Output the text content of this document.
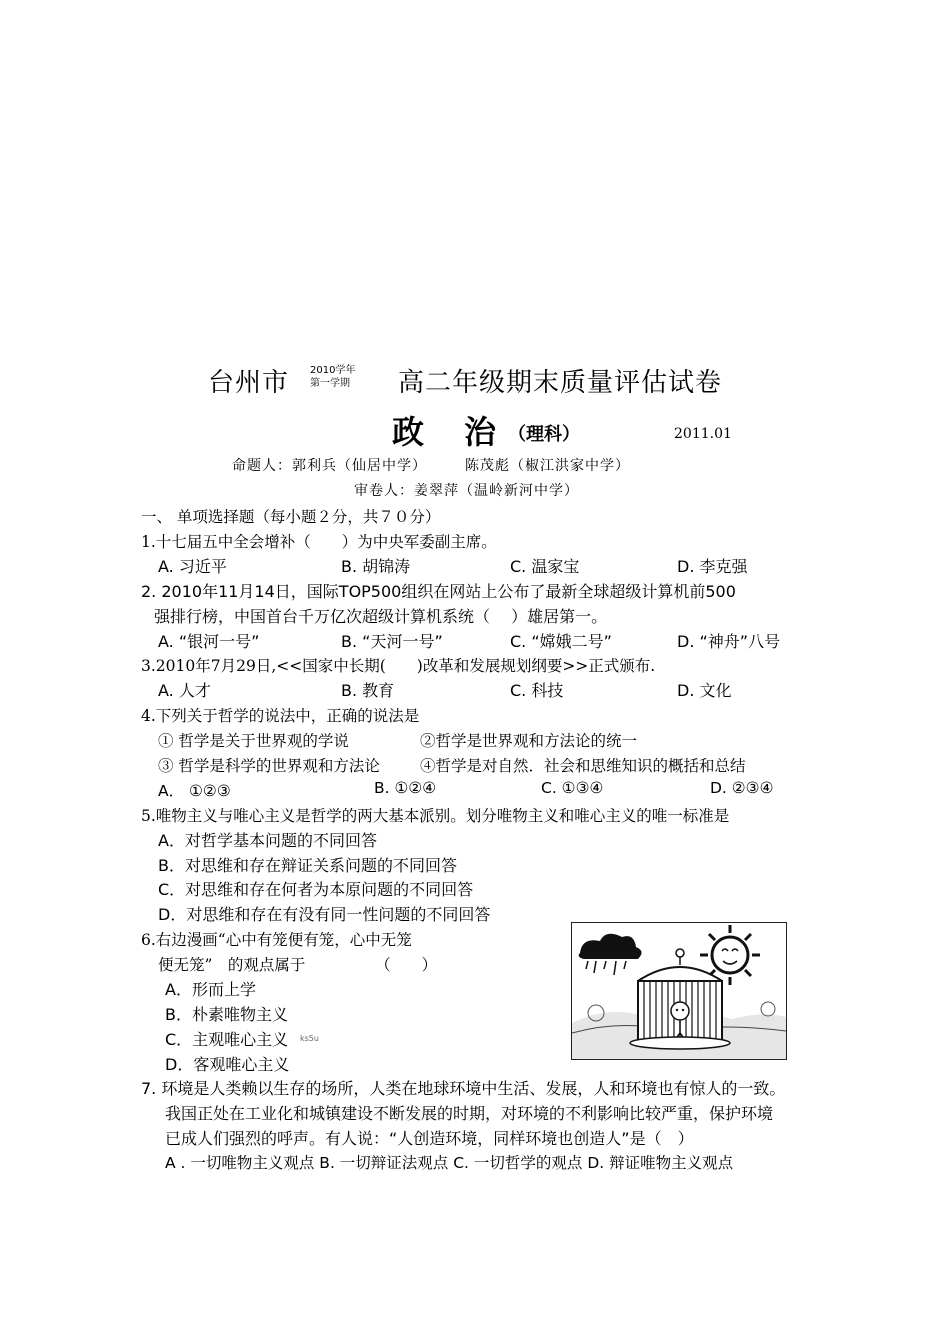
台州市 2010学年
第一学期 高二年级期末质量评估试卷
政　治 （理科）	2011.01
命题人：郭利兵（仙居中学）　　　陈茂彪（椒江洪家中学）
审卷人：姜翠萍（温岭新河中学）
一、 单项选择题（每小题２分，共７０分）
1.十七届五中全会增补（　　）为中央军委副主席。
A. 习近平	B. 胡锦涛	C. 温家宝	D. 李克强
2. 2010年11月14日，国际TOP500组织在网站上公布了最新全球超级计算机前500
强排行榜，中国首台千万亿次超级计算机系统（　 ）雄居第一。
A. “银河一号”	B. “天河一号”	C. “嫦娥二号”	D. “神舟”八号
3.2010年7月29日,<<国家中长期(　　)改革和发展规划纲要>>正式颁布.
A. 人才	B. 教育	C. 科技	D. 文化
4.下列关于哲学的说法中，正确的说法是
① 哲学是关于世界观的学说	②哲学是世界观和方法论的统一
③ 哲学是科学的世界观和方法论	④哲学是对自然．社会和思维知识的概括和总结
A． ①②③	B. ①②④	C. ①③④	D. ②③④
5.唯物主义与唯心主义是哲学的两大基本派别。划分唯物主义和唯心主义的唯一标准是
A．对哲学基本问题的不同回答
B．对思维和存在辩证关系问题的不同回答
C．对思维和存在何者为本原问题的不同回答
D．对思维和存在有没有同一性问题的不同回答
6.右边漫画“心中有笼便有笼，心中无笼
便无笼”　的观点属于　　　　　（　　）
A．形而上学
B．朴素唯物主义
C．主观唯心主义 ks5u
D．客观唯心主义
7. 环境是人类赖以生存的场所，人类在地球环境中生活、发展，人和环境也有惊人的一致。
我国正处在工业化和城镇建设不断发展的时期，对环境的不利影响比较严重，保护环境
已成人们强烈的呼声。有人说：“人创造环境，同样环境也创造人”是（　）
A . 一切唯物主义观点 B. 一切辩证法观点 C. 一切哲学的观点 D. 辩证唯物主义观点
